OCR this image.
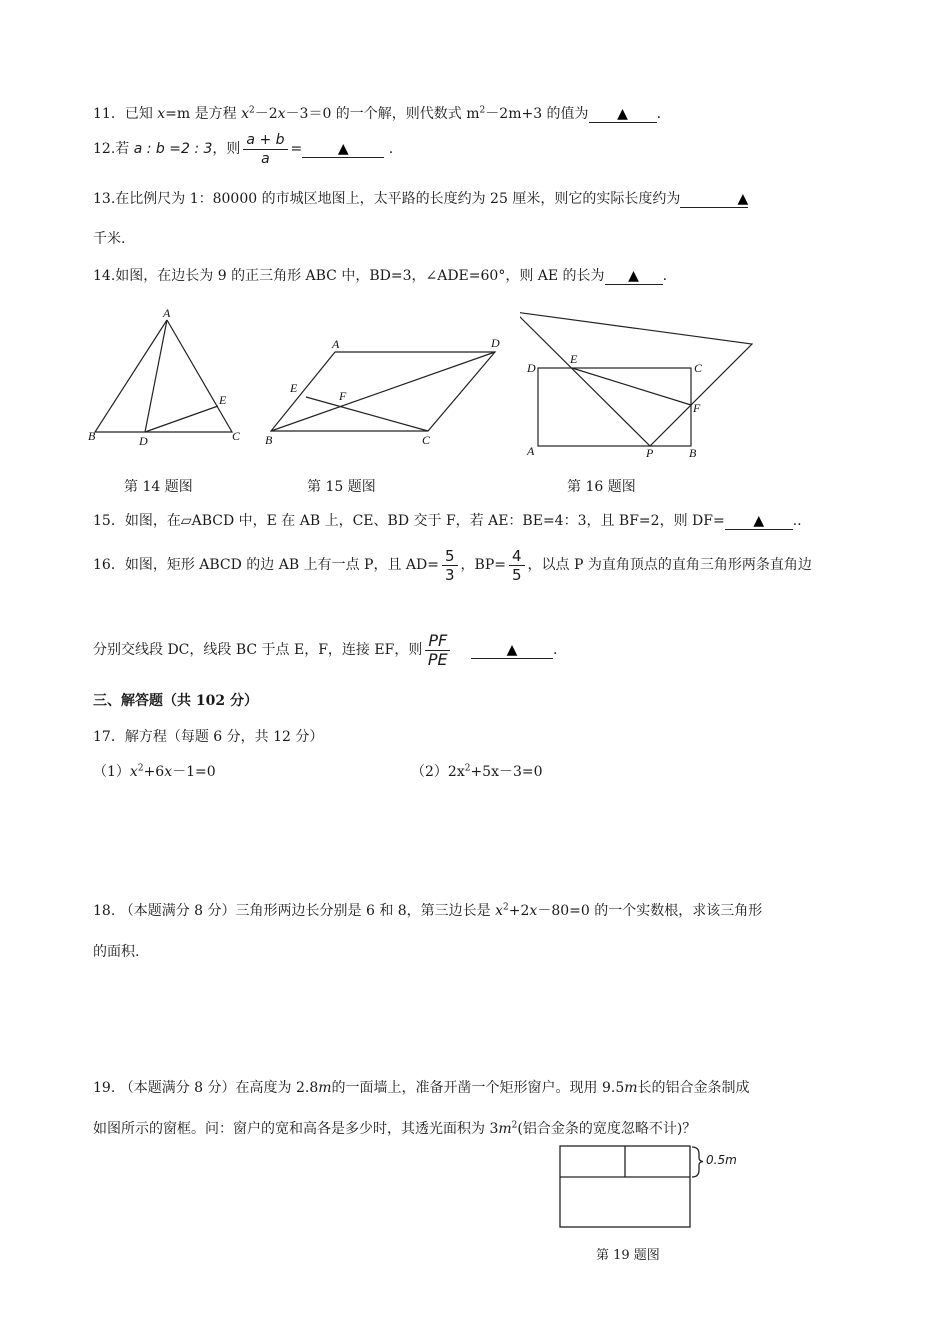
11．已知 x=m 是方程 $x^2-2x-3=0$ 的一个解，则代数式 $m^2-2m+3$ 的值为 ▲ .
12.若 a : b =2 : 3，则 $\frac{a + b}{a}$ =	▲	.
13.在比例尺为 1：80000 的市城区地图上，太平路的长度约为 25 厘米，则它的实际长度约为	▲
千米.
14.如图，在边长为 9 的正三角形 ABC 中，BD=3，∠ADE=60°，则 AE 的长为 ▲ .
A
B	C
D
E
第 14 题图
A
B	C
D
E
F
第 15 题图
D
E
C
F
A	P	B
第 16 题图
15．如图，在▱ABCD 中，E 在 AB 上，CE、BD 交于 F，若 AE：BE=4：3，且 BF=2，则 DF= ▲ ..
16．如图，矩形 ABCD 的边 AB 上有一点 P，且 $AD= \frac{5}{3}$ ，$BP= \frac{4}{5}$ ，以点 P 为直角顶点的直角三角形两条直角边
分别交线段 DC，线段 BC 于点 E，F，连接 EF，则 $\frac{PF}{PE}$	▲	.
三、解答题（共 102 分）
17．解方程（每题 6 分，共 12 分）
$(1)x^2+6x-1=0$	$(2)2x^2+5x-3=0$
18. （本题满分 8 分）三角形两边长分别是 6 和 8，第三边长是 $x^2+2x-80=0$ 的一个实数根，求该三角形
的面积.
19. （本题满分 8 分）在高度为 2.8m的一面墙上，准备开凿一个矩形窗户。现用 9.5m长的铝合金条制成
如图所示的窗框。问：窗户的宽和高各是多少时，其透光面积为 $3m^2$(铝合金条的宽度忽略不计)？
0.5m
第 19 题图
